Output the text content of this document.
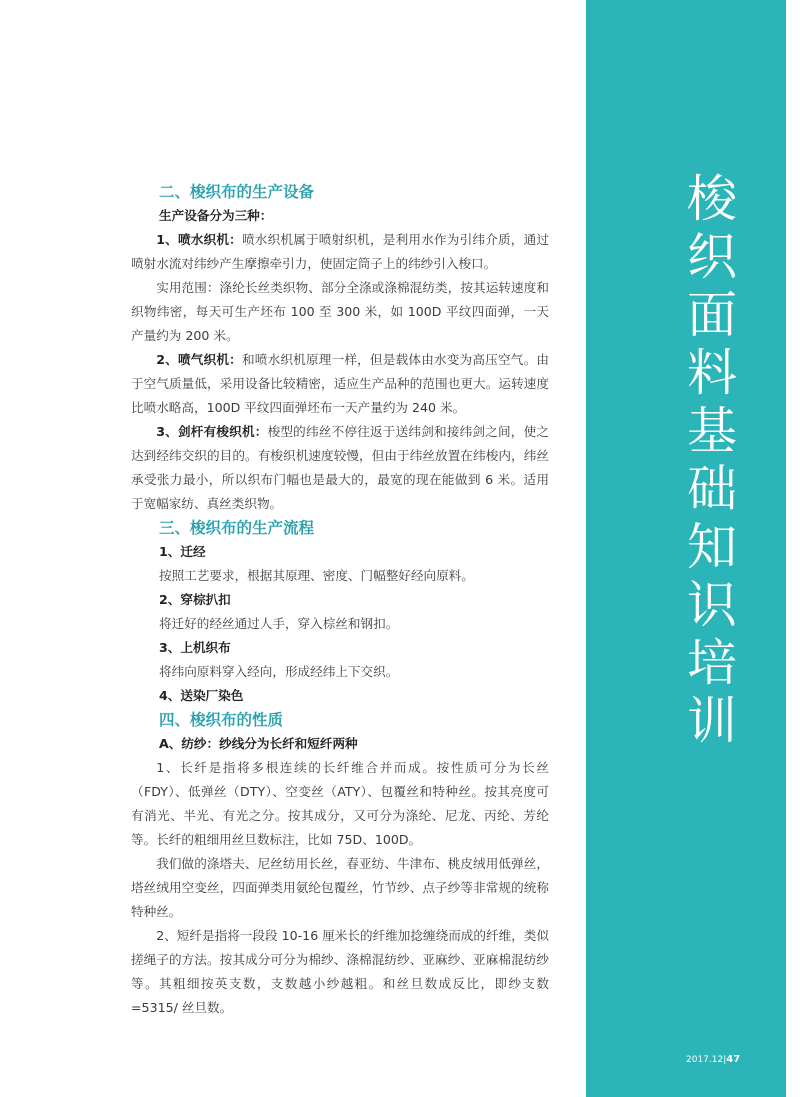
梭
织
面
料
基
础
知
识
培
训
二、梭织布的生产设备

生产设备分为三种：

1、喷水织机：喷水织机属于喷射织机，是利用水作为引纬介质，通过喷射水流对纬纱产生摩擦牵引力，使固定筒子上的纬纱引入梭口。

实用范围：涤纶长丝类织物、部分全涤或涤棉混纺类，按其运转速度和织物纬密，每天可生产坯布 100 至 300 米，如 100D 平纹四面弹，一天产量约为 200 米。

2、喷气织机：和喷水织机原理一样，但是载体由水变为高压空气。由于空气质量低，采用设备比较精密，适应生产品种的范围也更大。运转速度比喷水略高，100D 平纹四面弹坯布一天产量约为 240 米。

3、剑杆有梭织机：梭型的纬丝不停往返于送纬剑和接纬剑之间，使之达到经纬交织的目的。有梭织机速度较慢，但由于纬丝放置在纬梭内，纬丝承受张力最小，所以织布门幅也是最大的，最宽的现在能做到 6 米。适用于宽幅家纺、真丝类织物。

三、梭织布的生产流程

1、迁经

按照工艺要求，根据其原理、密度、门幅整好经向原料。

2、穿棕扒扣

将迁好的经丝通过人手，穿入棕丝和钢扣。

3、上机织布

将纬向原料穿入经向，形成经纬上下交织。

4、送染厂染色

四、梭织布的性质

A、纺纱：纱线分为长纤和短纤两种

1、长纤是指将多根连续的长纤维合并而成。按性质可分为长丝（FDY）、低弹丝（DTY）、空变丝（ATY）、包覆丝和特种丝。按其亮度可有消光、半光、有光之分。按其成分，又可分为涤纶、尼龙、丙纶、芳纶等。长纤的粗细用丝旦数标注，比如 75D、100D。

我们做的涤塔夫、尼丝纺用长丝，春亚纺、牛津布、桃皮绒用低弹丝，塔丝绒用空变丝，四面弹类用氨纶包覆丝，竹节纱、点子纱等非常规的统称特种丝。

2、短纤是指将一段段 10-16 厘米长的纤维加捻缠绕而成的纤维，类似搓绳子的方法。按其成分可分为棉纱、涤棉混纺纱、亚麻纱、亚麻棉混纺纱等。其粗细按英支数，支数越小纱越粗。和丝旦数成反比，即纱支数=5315/ 丝旦数。

2017.12|47
